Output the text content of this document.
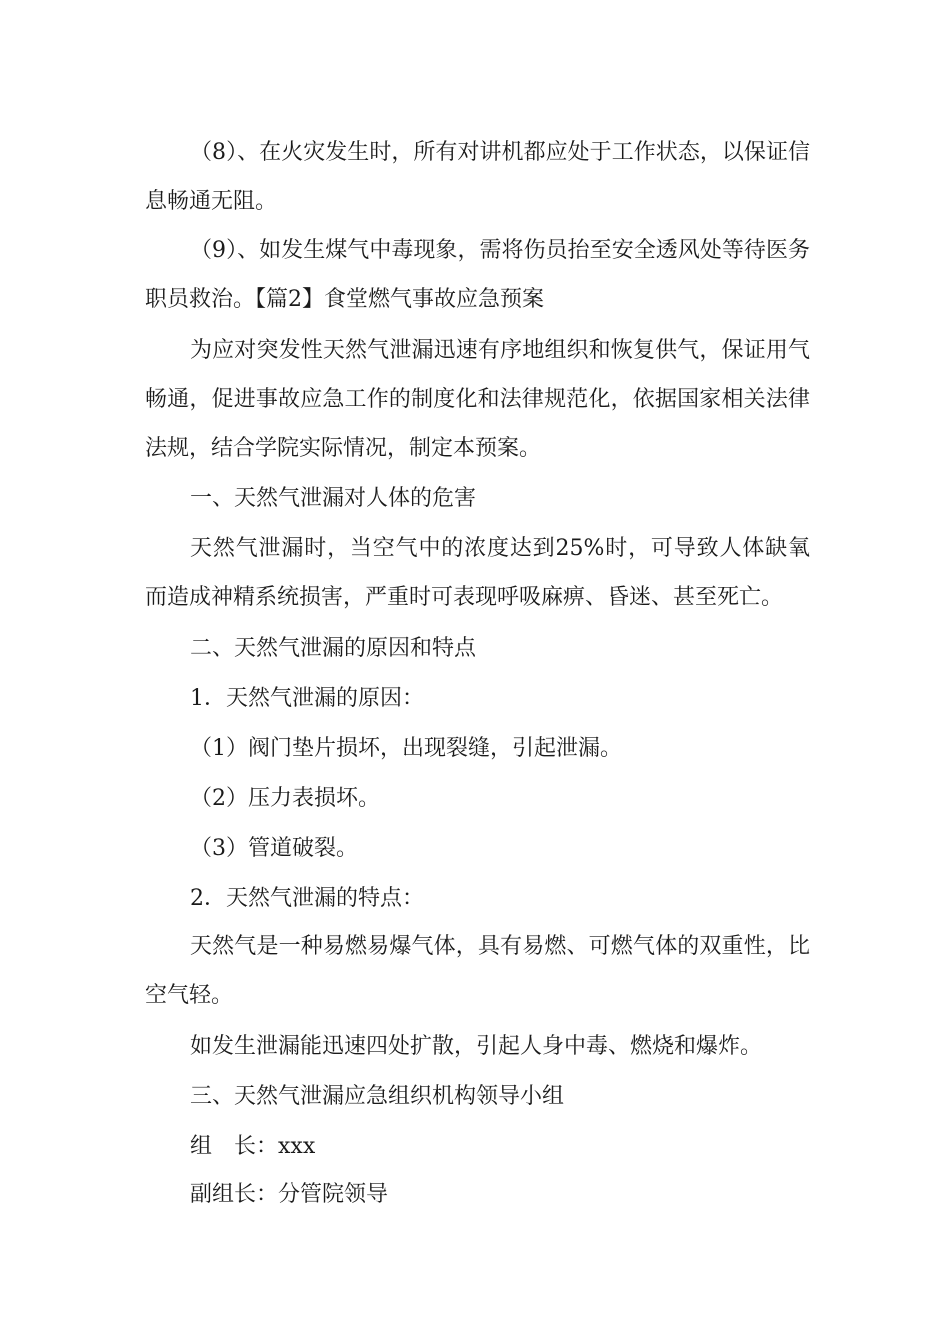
（8）、在火灾发生时，所有对讲机都应处于工作状态，以保证信息畅通无阻。

（9）、如发生煤气中毒现象，需将伤员抬至安全透风处等待医务职员救治。【篇2】食堂燃气事故应急预案

为应对突发性天然气泄漏迅速有序地组织和恢复供气，保证用气畅通，促进事故应急工作的制度化和法律规范化，依据国家相关法律法规，结合学院实际情况，制定本预案。

一、天然气泄漏对人体的危害

天然气泄漏时，当空气中的浓度达到25%时，可导致人体缺氧而造成神精系统损害，严重时可表现呼吸麻痹、昏迷、甚至死亡。

二、天然气泄漏的原因和特点

1．天然气泄漏的原因：

（1）阀门垫片损坏，出现裂缝，引起泄漏。

（2）压力表损坏。

（3）管道破裂。

2．天然气泄漏的特点：

天然气是一种易燃易爆气体，具有易燃、可燃气体的双重性，比空气轻。

如发生泄漏能迅速四处扩散，引起人身中毒、燃烧和爆炸。

三、天然气泄漏应急组织机构领导小组

组　长：xxx

副组长：分管院领导
